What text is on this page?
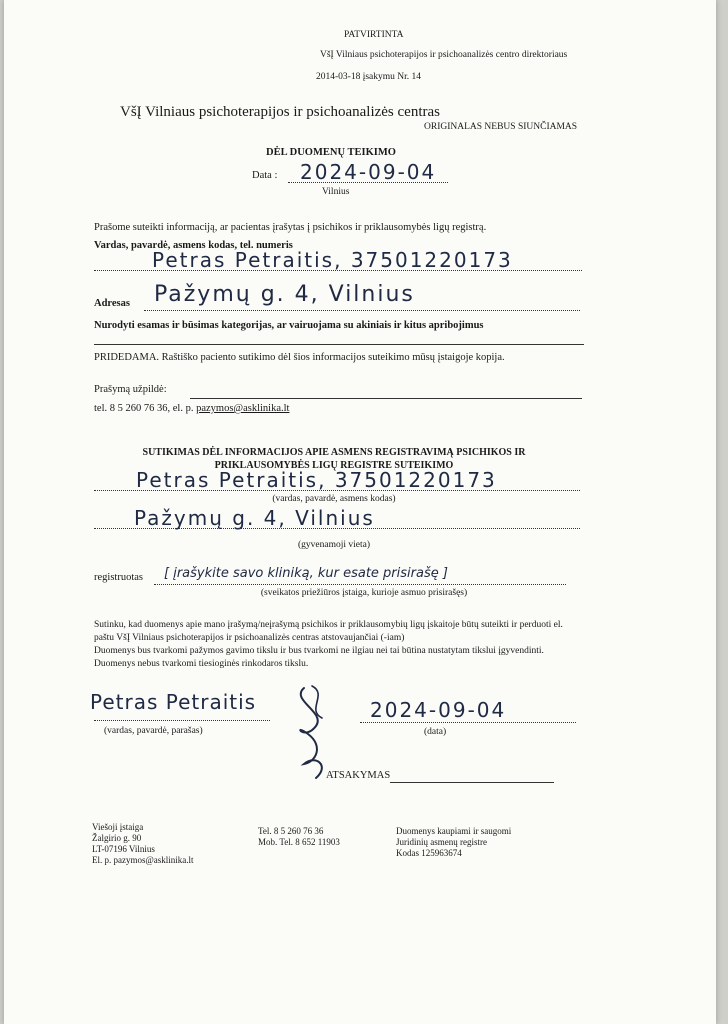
PATVIRTINTA
VšĮ Vilniaus psichoterapijos ir psichoanalizės centro direktoriaus
2014-03-18 įsakymu Nr. 14
VšĮ Vilniaus psichoterapijos ir psichoanalizės centras
ORIGINALAS NEBUS SIUNČIAMAS
DĖL DUOMENŲ TEIKIMO
Data : 2024-09-04
Vilnius
Prašome suteikti informaciją, ar pacientas įrašytas į psichikos ir priklausomybės ligų registrą.
Vardas, pavardė, asmens kodas, tel. numeris
Petras Petraitis, 37501220173
Adresas Pažymų g. 4, Vilnius
Nurodyti esamas ir būsimas kategorijas, ar vairuojama su akiniais ir kitus apribojimus
PRIDEDAMA. Raštiško paciento sutikimo dėl šios informacijos suteikimo mūsų įstaigoje kopija.
Prašymą užpildė:
tel. 8 5 260 76 36, el. p. pazymos@asklinika.lt
SUTIKIMAS DĖL INFORMACIJOS APIE ASMENS REGISTRAVIMĄ PSICHIKOS IR
PRIKLAUSOMYBĖS LIGŲ REGISTRE SUTEIKIMO
Petras Petraitis, 37501220173
(vardas, pavardė, asmens kodas)
Pažymų g. 4, Vilnius
(gyvenamoji vieta)
registruotas [ įrašykite savo kliniką, kur esate prisirašę ]
(sveikatos priežiūros įstaiga, kurioje asmuo prisirašęs)
Sutinku, kad duomenys apie mano įrašymą/neįrašymą psichikos ir priklausomybių ligų įskaitoje būtų suteikti ir perduoti el.
paštu VšĮ Vilniaus psichoterapijos ir psichoanalizės centras atstovaujančiai (-iam)
Duomenys bus tvarkomi pažymos gavimo tikslu ir bus tvarkomi ne ilgiau nei tai būtina nustatytam tikslui įgyvendinti.
Duomenys nebus tvarkomi tiesioginės rinkodaros tikslu.
Petras Petraitis
(vardas, pavardė, parašas)
2024-09-04
(data)
ATSAKYMAS
Viešoji įstaiga
Žalgirio g. 90
LT-07196 Vilnius
El. p. pazymos@asklinika.lt
Tel. 8 5 260 76 36
Mob. Tel. 8 652 11903
Duomenys kaupiami ir saugomi
Juridinių asmenų registre
Kodas 125963674
